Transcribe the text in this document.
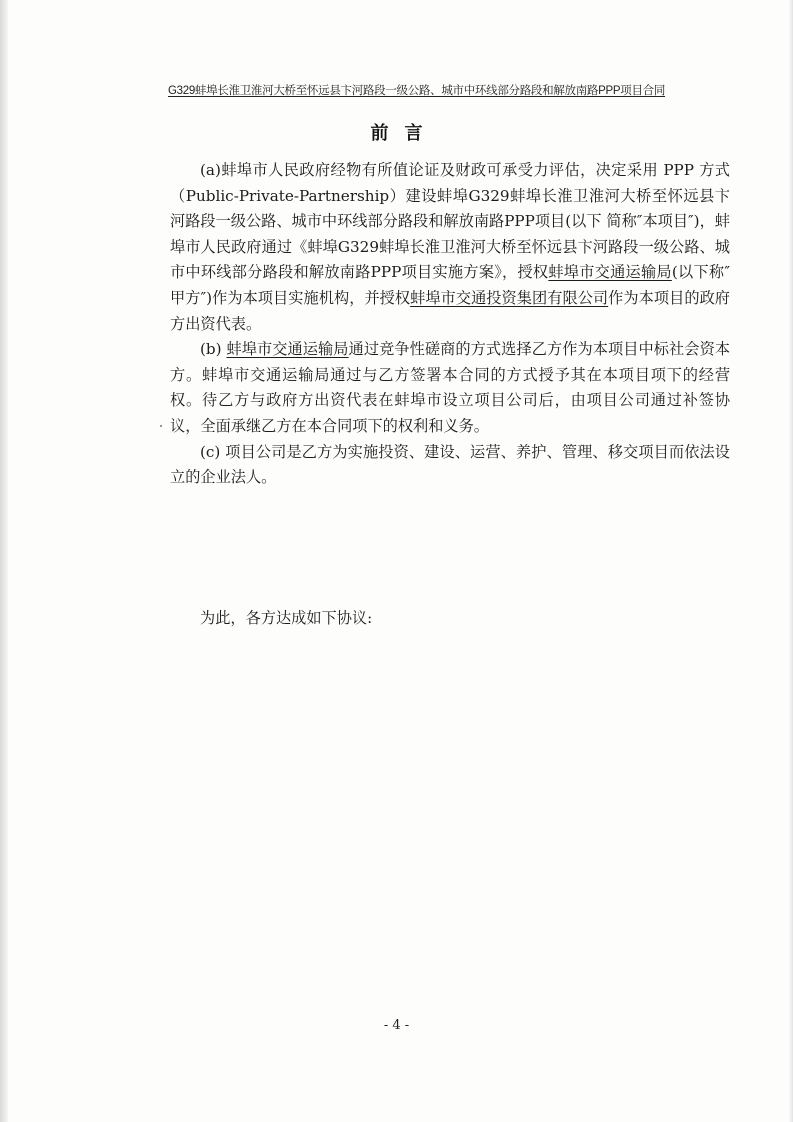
G329蚌埠长淮卫淮河大桥至怀远县卞河路段一级公路、城市中环线部分路段和解放南路PPP项目合同
前言

(a)蚌埠市人民政府经物有所值论证及财政可承受力评估，决定采用 PPP 方式（Public-Private-Partnership）建设蚌埠G329蚌埠长淮卫淮河大桥至怀远县卞河路段一级公路、城市中环线部分路段和解放南路PPP项目(以下 简称″本项目″)，蚌埠市人民政府通过《蚌埠G329蚌埠长淮卫淮河大桥至怀远县卞河路段一级公路、城市中环线部分路段和解放南路PPP项目实施方案》，授权蚌埠市交通运输局(以下称″甲方″)作为本项目实施机构，并授权蚌埠市交通投资集团有限公司作为本项目的政府方出资代表。

(b) 蚌埠市交通运输局通过竞争性磋商的方式选择乙方作为本项目中标社会资本方。蚌埠市交通运输局通过与乙方签署本合同的方式授予其在本项目项下的经营权。待乙方与政府方出资代表在蚌埠市设立项目公司后，由项目公司通过补签协议，全面承继乙方在本合同项下的权利和义务。

(c) 项目公司是乙方为实施投资、建设、运营、养护、管理、移交项目而依法设立的企业法人。

为此，各方达成如下协议:
- 4 -
